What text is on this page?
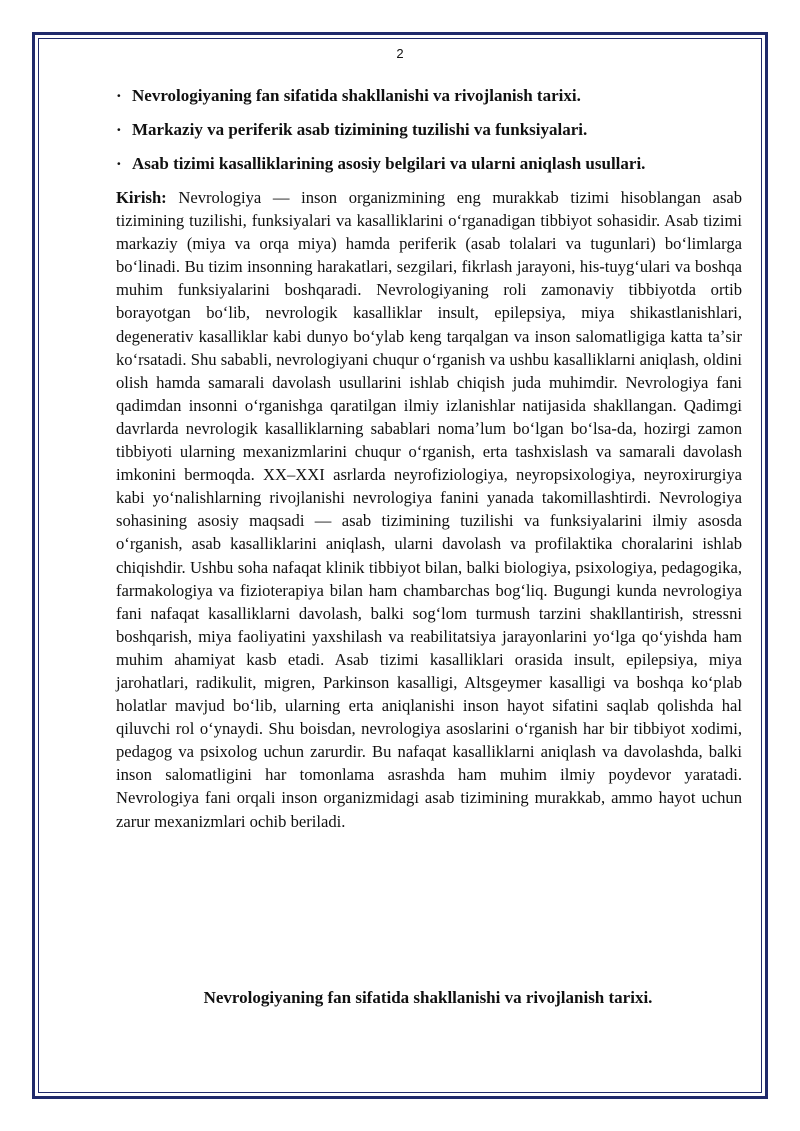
2
· Nevrologiyaning fan sifatida shakllanishi va rivojlanish tarixi.
· Markaziy va periferik asab tizimining tuzilishi va funksiyalari.
· Asab tizimi kasalliklarining asosiy belgilari va ularni aniqlash usullari.

Kirish: Nevrologiya — inson organizmining eng murakkab tizimi hisoblangan asab tizimining tuzilishi, funksiyalari va kasalliklarini oʻrganadigan tibbiyot sohasidir. Asab tizimi markaziy (miya va orqa miya) hamda periferik (asab tolalari va tugunlari) boʻlimlarga boʻlinadi. Bu tizim insonning harakatlari, sezgilari, fikrlash jarayoni, his-tuygʻulari va boshqa muhim funksiyalarini boshqaradi. Nevrologiyaning roli zamonaviy tibbiyotda ortib borayotgan boʻlib, nevrologik kasalliklar insult, epilepsiya, miya shikastlanishlari, degenerativ kasalliklar kabi dunyo boʻylab keng tarqalgan va inson salomatligiga katta taʼsir koʻrsatadi. Shu sababli, nevrologiyani chuqur oʻrganish va ushbu kasalliklarni aniqlash, oldini olish hamda samarali davolash usullarini ishlab chiqish juda muhimdir. Nevrologiya fani qadimdan insonni oʻrganishga qaratilgan ilmiy izlanishlar natijasida shakllangan. Qadimgi davrlarda nevrologik kasalliklarning sabablari nomaʼlum boʻlgan boʻlsa-da, hozirgi zamon tibbiyoti ularning mexanizmlarini chuqur oʻrganish, erta tashxislash va samarali davolash imkonini bermoqda. XX–XXI asrlarda neyrofiziologiya, neyropsixologiya, neyroxirurgiya kabi yoʻnalishlarning rivojlanishi nevrologiya fanini yanada takomillashtirdi. Nevrologiya sohasining asosiy maqsadi — asab tizimining tuzilishi va funksiyalarini ilmiy asosda oʻrganish, asab kasalliklarini aniqlash, ularni davolash va profilaktika choralarini ishlab chiqishdir. Ushbu soha nafaqat klinik tibbiyot bilan, balki biologiya, psixologiya, pedagogika, farmakologiya va fizioterapiya bilan ham chambarchas bogʻliq. Bugungi kunda nevrologiya fani nafaqat kasalliklarni davolash, balki sogʻlom turmush tarzini shakllantirish, stressni boshqarish, miya faoliyatini yaxshilash va reabilitatsiya jarayonlarini yoʻlga qoʻyishda ham muhim ahamiyat kasb etadi. Asab tizimi kasalliklari orasida insult, epilepsiya, miya jarohatlari, radikulit, migren, Parkinson kasalligi, Altsgeymer kasalligi va boshqa koʻplab holatlar mavjud boʻlib, ularning erta aniqlanishi inson hayot sifatini saqlab qolishda hal qiluvchi rol oʻynaydi. Shu boisdan, nevrologiya asoslarini oʻrganish har bir tibbiyot xodimi, pedagog va psixolog uchun zarurdir. Bu nafaqat kasalliklarni aniqlash va davolashda, balki inson salomatligini har tomonlama asrashda ham muhim ilmiy poydevor yaratadi. Nevrologiya fani orqali inson organizmidagi asab tizimining murakkab, ammo hayot uchun zarur mexanizmlari ochib beriladi.

Nevrologiyaning fan sifatida shakllanishi va rivojlanish tarixi.
